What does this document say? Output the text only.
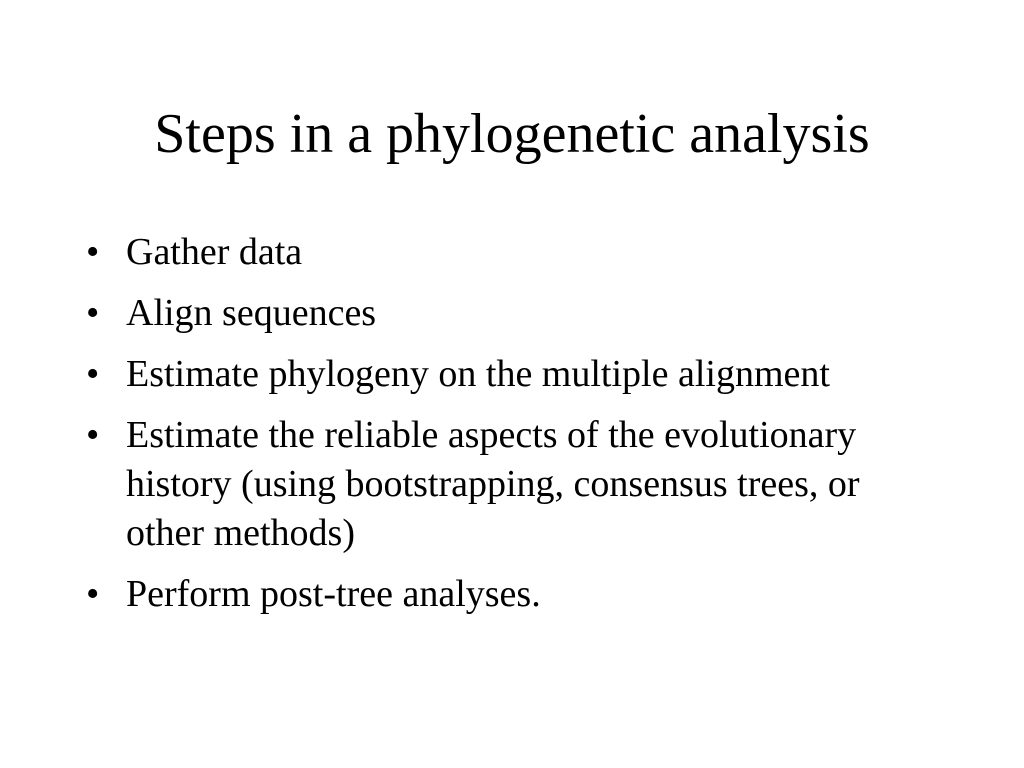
Steps in a phylogenetic analysis
• Gather data
• Align sequences
• Estimate phylogeny on the multiple alignment
• Estimate the reliable aspects of the evolutionary history (using bootstrapping, consensus trees, or other methods)
• Perform post-tree analyses.
